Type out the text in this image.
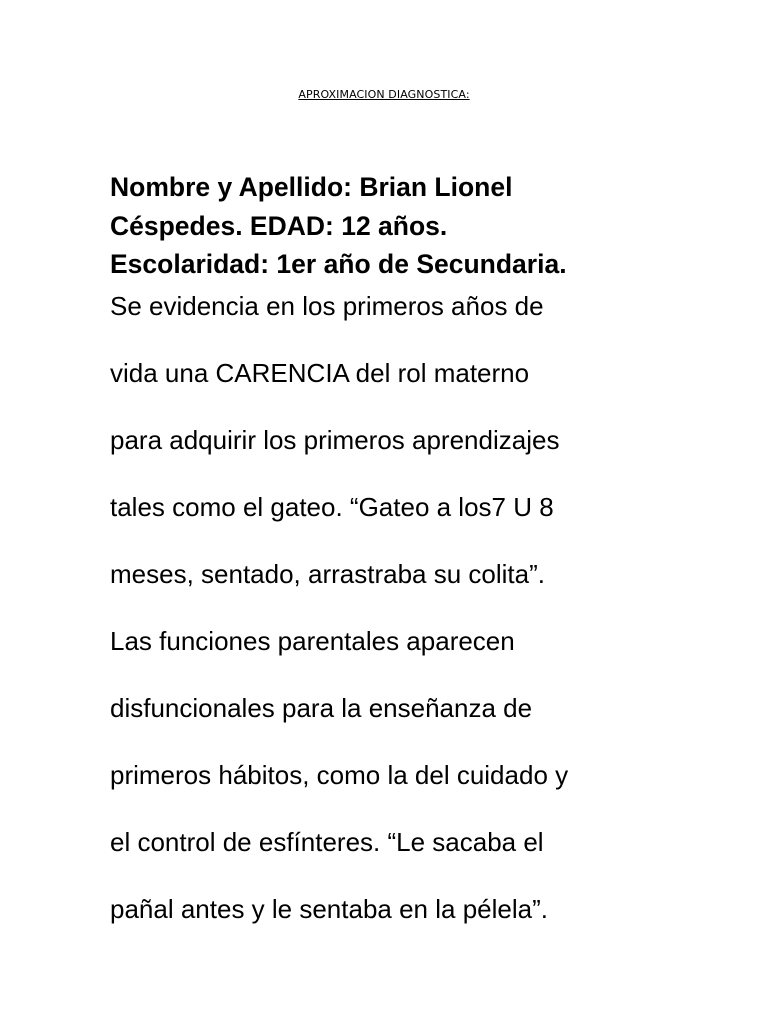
APROXIMACION DIAGNOSTICA:
Nombre y Apellido: Brian Lionel
Céspedes. EDAD: 12 años.
Escolaridad: 1er año de Secundaria.
Se evidencia en los primeros años de
vida una CARENCIA del rol materno
para adquirir los primeros aprendizajes
tales como el gateo. “Gateo a los7 U 8
meses, sentado, arrastraba su colita”.
Las funciones parentales aparecen
disfuncionales para la enseñanza de
primeros hábitos, como la del cuidado y
el control de esfínteres. “Le sacaba el
pañal antes y le sentaba en la pélela”.
